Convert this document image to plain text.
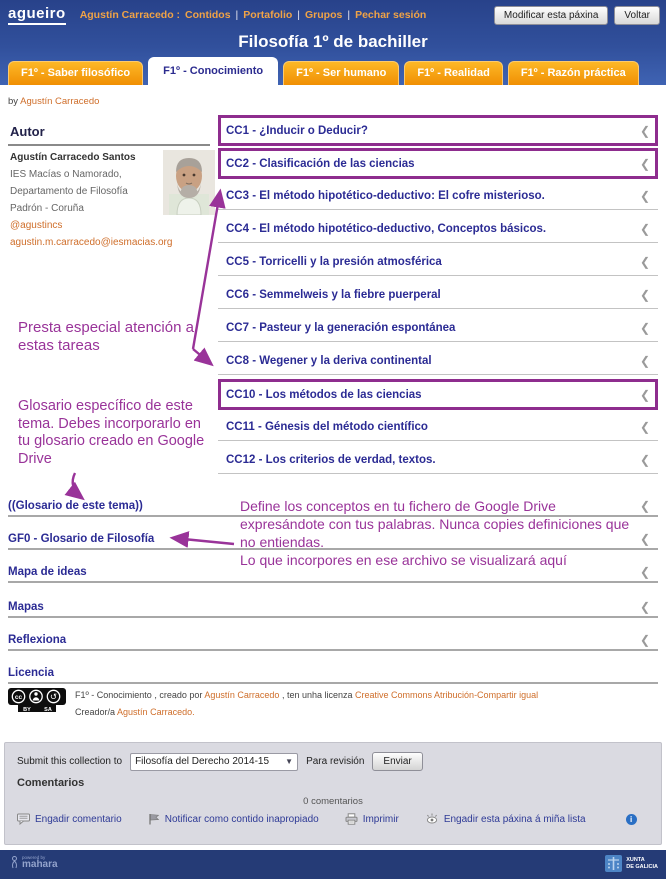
agueiro Agustín Carracedo : Contidos | Portafolio | Grupos | Pechar sesión	Modificar esta páxina	Voltar
Filosofía 1º de bachiller
F1º - Saber filosófico	F1º - Conocimiento	F1º - Ser humano	F1º - Realidad	F1º - Razón práctica
by Agustín Carracedo
Autor
Agustín Carracedo Santos
IES Macías o Namorado,
Departamento de Filosofía
Padrón - Coruña
@agustincs
agustin.m.carracedo@iesmacias.org
Presta especial atención a estas tareas
Glosario específico de este tema. Debes incorporarlo en tu glosario creado en Google Drive
Define los conceptos en tu fichero de Google Drive expresándote con tus palabras. Nunca copies definiciones que no entiendas.
Lo que incorpores en ese archivo se visualizará aquí
CC1 - ¿Inducir o Deducir?	❮
CC2 - Clasificación de las ciencias	❮
CC3 - El método hipotético-deductivo: El cofre misterioso.	❮
CC4 - El método hipotético-deductivo, Conceptos básicos.	❮
CC5 - Torricelli y la presión atmosférica	❮
CC6 - Semmelweis y la fiebre puerperal	❮
CC7 - Pasteur y la generación espontánea	❮
CC8 - Wegener y la deriva continental	❮
CC10 - Los métodos de las ciencias	❮
CC11 - Génesis del método científico	❮
CC12 - Los criterios de verdad, textos.	❮
((Glosario de este tema))	❮
GF0 - Glosario de Filosofía	❮
Mapa de ideas	❮
Mapas	❮
Reflexiona	❮
Licencia
cc	↺
BY SA
F1º - Conocimiento , creado por Agustín Carracedo , ten unha licenza Creative Commons Atribución-Compartir igual
Creador/a Agustín Carracedo.
Submit this collection to Filosofía del Derecho 2014-15 ▼ Para revisión	Enviar
Comentarios
0 comentarios
Engadir comentario	Notificar como contido inapropiado	Imprimir	Engadir esta páxina á miña lista	i
powered by
mahara	XUNTA
DE GALICIA
